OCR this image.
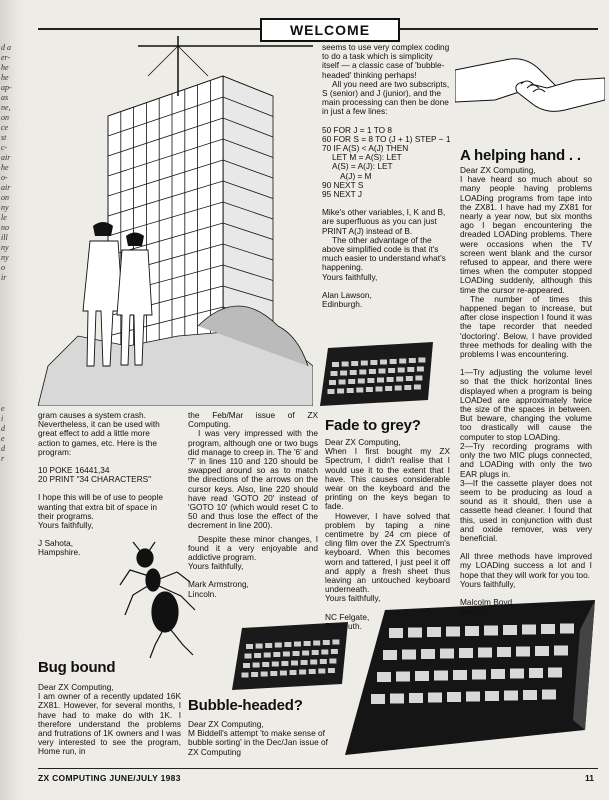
d a
er-
he
he
ap-
as
ne,
on
ce
st
c-
air
he
o-
air
on
ny
le
no
ill
ny
ny
o
ir
e
i
d
e
d
r
WELCOME

gram causes a system crash. Nevertheless, it can be used with great effect to add a little more action to games, etc. Here is the program:

10 POKE 16441,34

20 PRINT "34 CHARACTERS"

I hope this will be of use to people wanting that extra bit of space in their programs.

Yours faithfully,

J Sahota,

Hampshire.

Bug bound

Dear ZX Computing,

I am owner of a recently updated 16K ZX81. However, for several months, I have had to make do with 1K. I therefore understand the problems and frutrations of 1K owners and I was very interested to see the program, Home run, in

the Feb/Mar issue of ZX Computing.

I was very impressed with the program, although one or two bugs did manage to creep in. The '6' and '7' in lines 110 and 120 should be swapped around so as to match the directions of the arrows on the cursor keys. Also, line 220 should have read 'GOTO 20' instead of 'GOTO 10' (which would reset C to 50 and thus lose the effect of the decrement in line 200).

Despite these minor changes, I found it a very enjoyable and addictive program.

Yours faithfully,

Mark Armstrong,

Lincoln.

Bubble-headed?

Dear ZX Computing,

M Biddell's attempt 'to make sense of bubble sorting' in the Dec/Jan issue of ZX Computing

seems to use very complex coding to do a task which is simplicity itself — a classic case of 'bubble-headed' thinking perhaps!

All you need are two subscripts, S (senior) and J (junior), and the main processing can then be done in just a few lines:

50 FOR J = 1 TO 8

60 FOR S = 8 TO (J + 1) STEP − 1

70 IF A(S) < A(J) THEN

LET M = A(S): LET

A(S) = A(J): LET

A(J) = M

90 NEXT S

95 NEXT J

Mike's other variables, I, K and B, are superfluous as you can just PRINT A(J) instead of B.

The other advantage of the above simplified code is that it's much easier to understand what's happening.

Yours faithfully,

Alan Lawson,

Edinburgh.

Fade to grey?

Dear ZX Computing,

When I first bought my ZX Spectrum, I didn't realise that I would use it to the extent that I have. This causes considerable wear on the keyboard and the printing on the keys began to fade.

However, I have solved that problem by taping a nine centimetre by 24 cm piece of cling film over the ZX Spectrum's keyboard. When this becomes worn and tattered, I just peel it off and apply a fresh sheet thus leaving an untouched keyboard underneath.

Yours faithfully,

NC Felgate,

Plymouth.

A helping hand . .

Dear ZX Computing,

I have heard so much about so many people having problems LOADing programs from tape into the ZX81. I have had my ZX81 for nearly a year now, but six months ago I began encountering the dreaded LOADing problems. There were occasions when the TV screen went blank and the cursor refused to appear, and there were times when the computer stopped LOADing suddenly, although this time the cursor re-appeared.

The number of times this happened began to increase, but after close inspection I found it was the tape recorder that needed 'doctoring'. Below, I have provided three methods for dealing with the problems I was encountering.

1—Try adjusting the volume level so that the thick horizontal lines displayed when a program is being LOADed are approximately twice the size of the spaces in between. But beware, changing the volume too drastically will cause the computer to stop LOADing.

2—Try recording programs with only the two MIC plugs connected, and LOADing with only the two EAR plugs in.

3—If the cassette player does not seem to be producing as loud a sound as it should, then use a cassette head cleaner. I found that this, used in conjunction with dust and oxide remover, was very beneficial.

All three methods have improved my LOADing success a lot and I hope that they will work for you too.

Yours faithfully,

Malcolm Boyd,

Belfast.

ZX COMPUTING JUNE/JULY 1983	11
